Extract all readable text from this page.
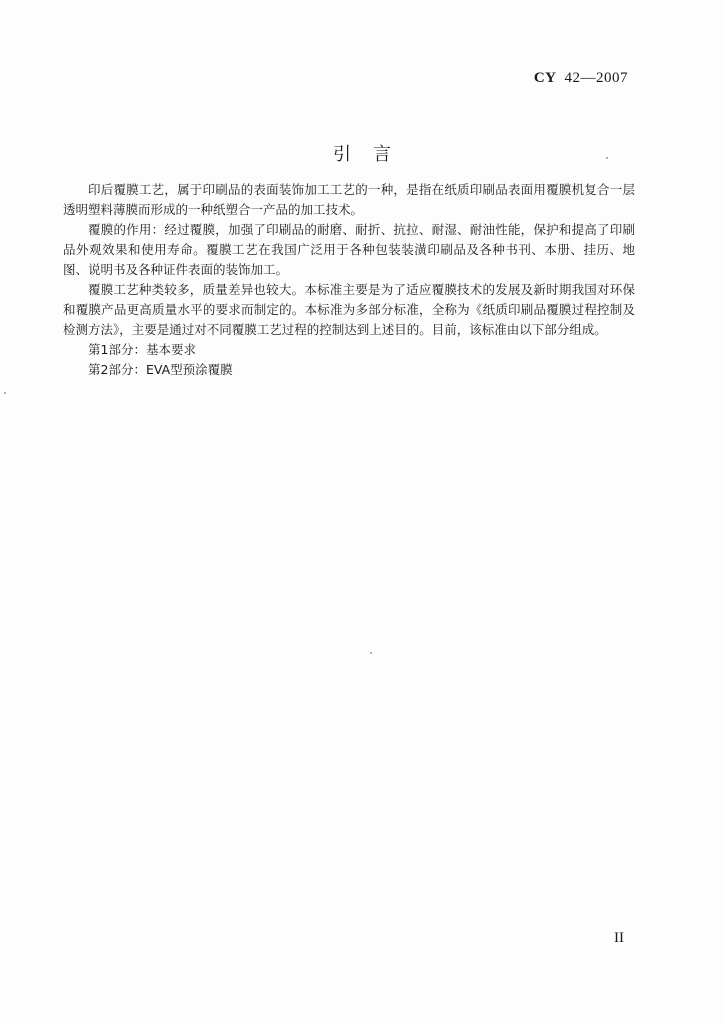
CY 42—2007
引言

印后覆膜工艺，属于印刷品的表面装饰加工工艺的一种，是指在纸质印刷品表面用覆膜机复合一层透明塑料薄膜而形成的一种纸塑合一产品的加工技术。

覆膜的作用：经过覆膜，加强了印刷品的耐磨、耐折、抗拉、耐湿、耐油性能，保护和提高了印刷品外观效果和使用寿命。覆膜工艺在我国广泛用于各种包装装潢印刷品及各种书刊、本册、挂历、地图、说明书及各种证件表面的装饰加工。

覆膜工艺种类较多，质量差异也较大。本标准主要是为了适应覆膜技术的发展及新时期我国对环保和覆膜产品更高质量水平的要求而制定的。本标准为多部分标准，全称为《纸质印刷品覆膜过程控制及检测方法》，主要是通过对不同覆膜工艺过程的控制达到上述目的。目前，该标准由以下部分组成。

第1部分：基本要求
第2部分：EVA型预涂覆膜
II
